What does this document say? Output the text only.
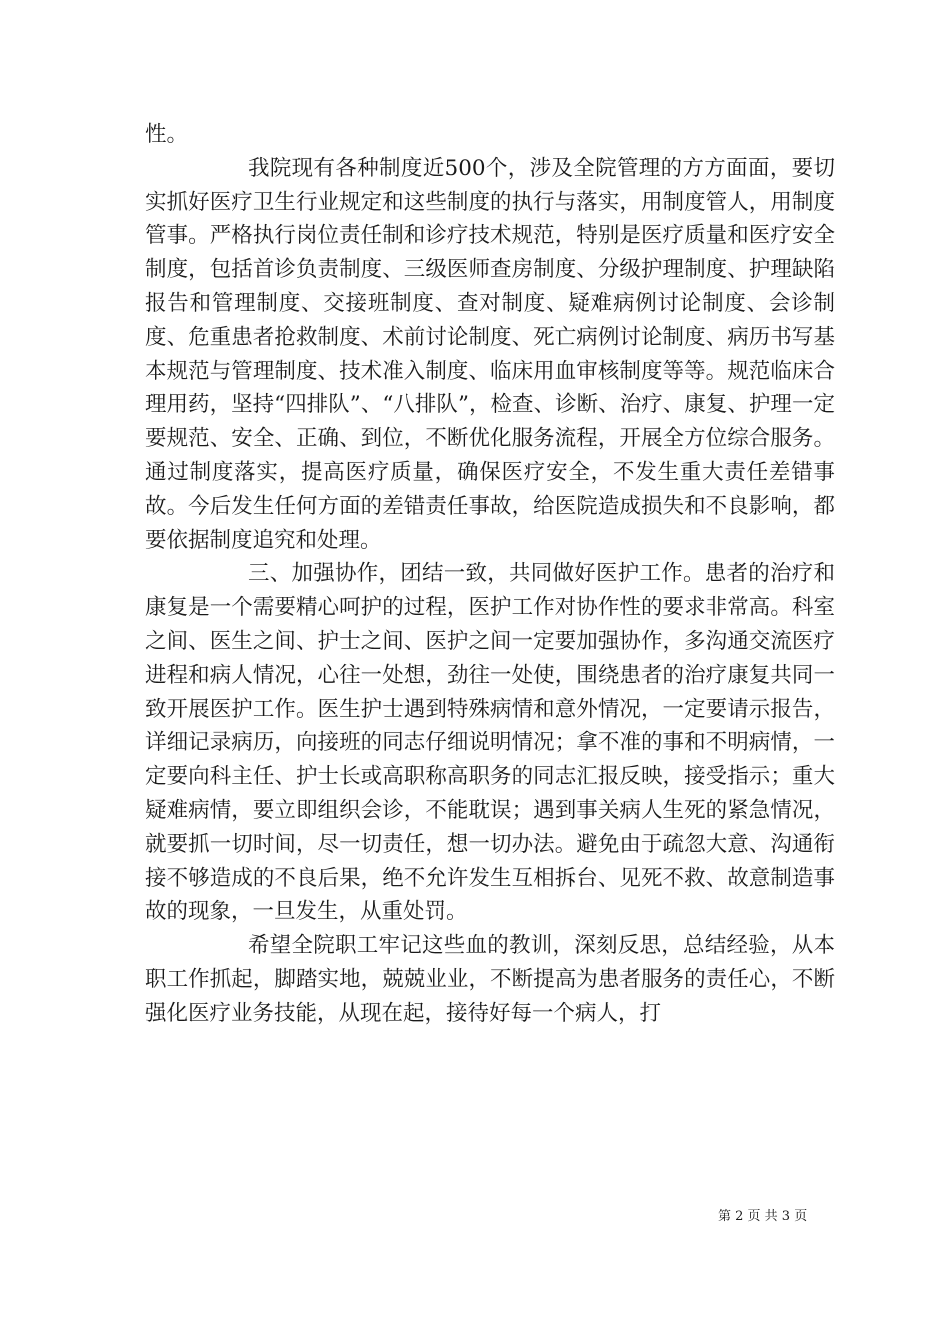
性。

我院现有各种制度近500个，涉及全院管理的方方面面，要切实抓好医疗卫生行业规定和这些制度的执行与落实，用制度管人，用制度管事。严格执行岗位责任制和诊疗技术规范，特别是医疗质量和医疗安全制度，包括首诊负责制度、三级医师查房制度、分级护理制度、护理缺陷报告和管理制度、交接班制度、查对制度、疑难病例讨论制度、会诊制度、危重患者抢救制度、术前讨论制度、死亡病例讨论制度、病历书写基本规范与管理制度、技术准入制度、临床用血审核制度等等。规范临床合理用药，坚持“四排队”、“八排队”，检查、诊断、治疗、康复、护理一定要规范、安全、正确、到位，不断优化服务流程，开展全方位综合服务。通过制度落实，提高医疗质量，确保医疗安全，不发生重大责任差错事故。今后发生任何方面的差错责任事故，给医院造成损失和不良影响，都要依据制度追究和处理。

三、加强协作，团结一致，共同做好医护工作。患者的治疗和康复是一个需要精心呵护的过程，医护工作对协作性的要求非常高。科室之间、医生之间、护士之间、医护之间一定要加强协作，多沟通交流医疗进程和病人情况，心往一处想，劲往一处使，围绕患者的治疗康复共同一致开展医护工作。医生护士遇到特殊病情和意外情况，一定要请示报告，详细记录病历，向接班的同志仔细说明情况；拿不准的事和不明病情，一定要向科主任、护士长或高职称高职务的同志汇报反映，接受指示；重大疑难病情，要立即组织会诊，不能耽误；遇到事关病人生死的紧急情况，就要抓一切时间，尽一切责任，想一切办法。避免由于疏忽大意、沟通衔接不够造成的不良后果，绝不允许发生互相拆台、见死不救、故意制造事故的现象，一旦发生，从重处罚。

希望全院职工牢记这些血的教训，深刻反思，总结经验，从本职工作抓起，脚踏实地，兢兢业业，不断提高为患者服务的责任心，不断强化医疗业务技能，从现在起，接待好每一个病人，打

第 2 页 共 3 页
